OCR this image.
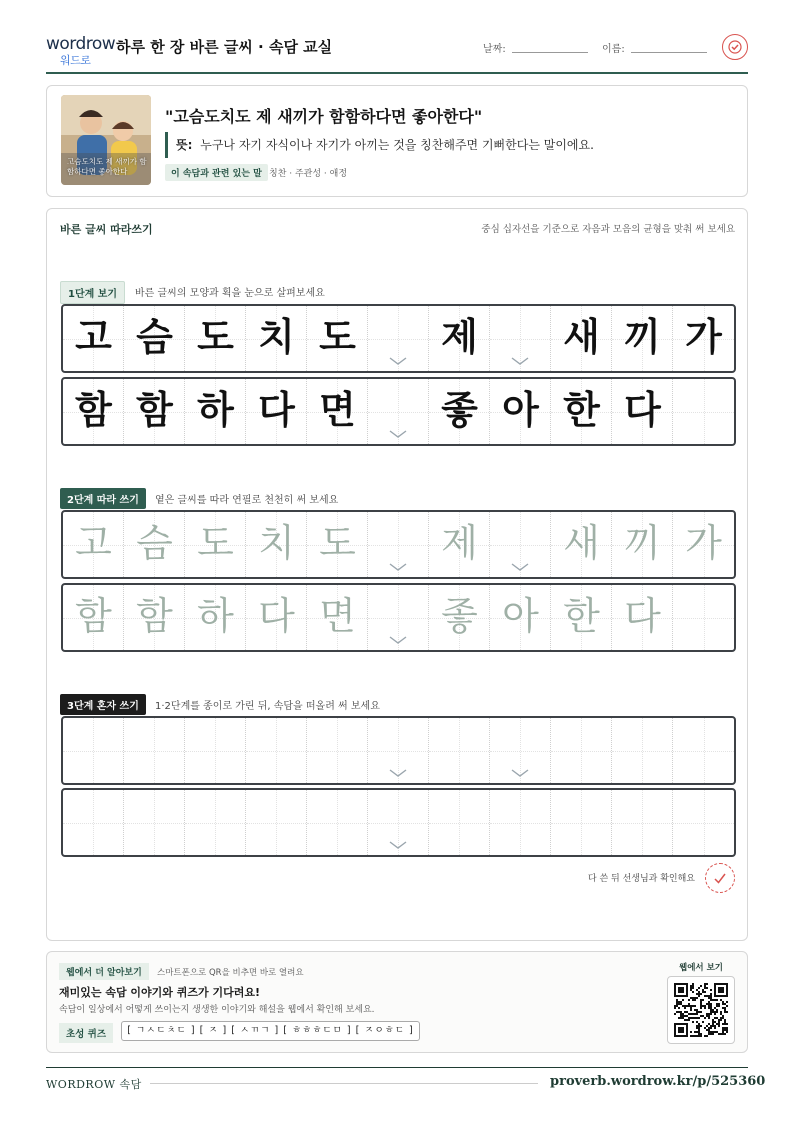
wordrow
워드로
하루 한 장 바른 글씨 · 속담 교실	날짜:	이름:
고슴도치도 제 새끼가 함함하다면 좋아한다
"고슴도치도 제 새끼가 함함하다면 좋아한다"
뜻: 누구나 자기 자식이나 자기가 아끼는 것을 칭찬해주면 기뻐한다는 말이에요.
이 속담과 관련 있는 말 칭찬 · 주관성 · 애정
바른 글씨 따라쓰기	중심 십자선을 기준으로 자음과 모음의 균형을 맞춰 써 보세요
1단계 보기	바른 글씨의 모양과 획을 눈으로 살펴보세요
고 슴 도 치 도	제	새 끼 가
함 함 하 다 면	좋 아 한 다
2단계 따라 쓰기	옅은 글씨를 따라 연필로 천천히 써 보세요
고 슴 도 치 도	제	새 끼 가
함 함 하 다 면	좋 아 한 다
3단계 혼자 쓰기	1·2단계를 종이로 가린 뒤, 속담을 떠올려 써 보세요
다 쓴 뒤 선생님과 확인해요
웹에서 더 알아보기	스마트폰으로 QR을 비추면 바로 열려요
재미있는 속담 이야기와 퀴즈가 기다려요!
속담이 일상에서 어떻게 쓰이는지 생생한 이야기와 해설을 웹에서 확인해 보세요.
초성 퀴즈	[ ㄱㅅㄷㅊㄷ ] [ ㅈ ] [ ㅅㄲㄱ ] [ ㅎㅎㅎㄷㅁ ] [ ㅈㅇㅎㄷ ]
웹에서 보기
WORDROW 속담	proverb.wordrow.kr/p/525360
